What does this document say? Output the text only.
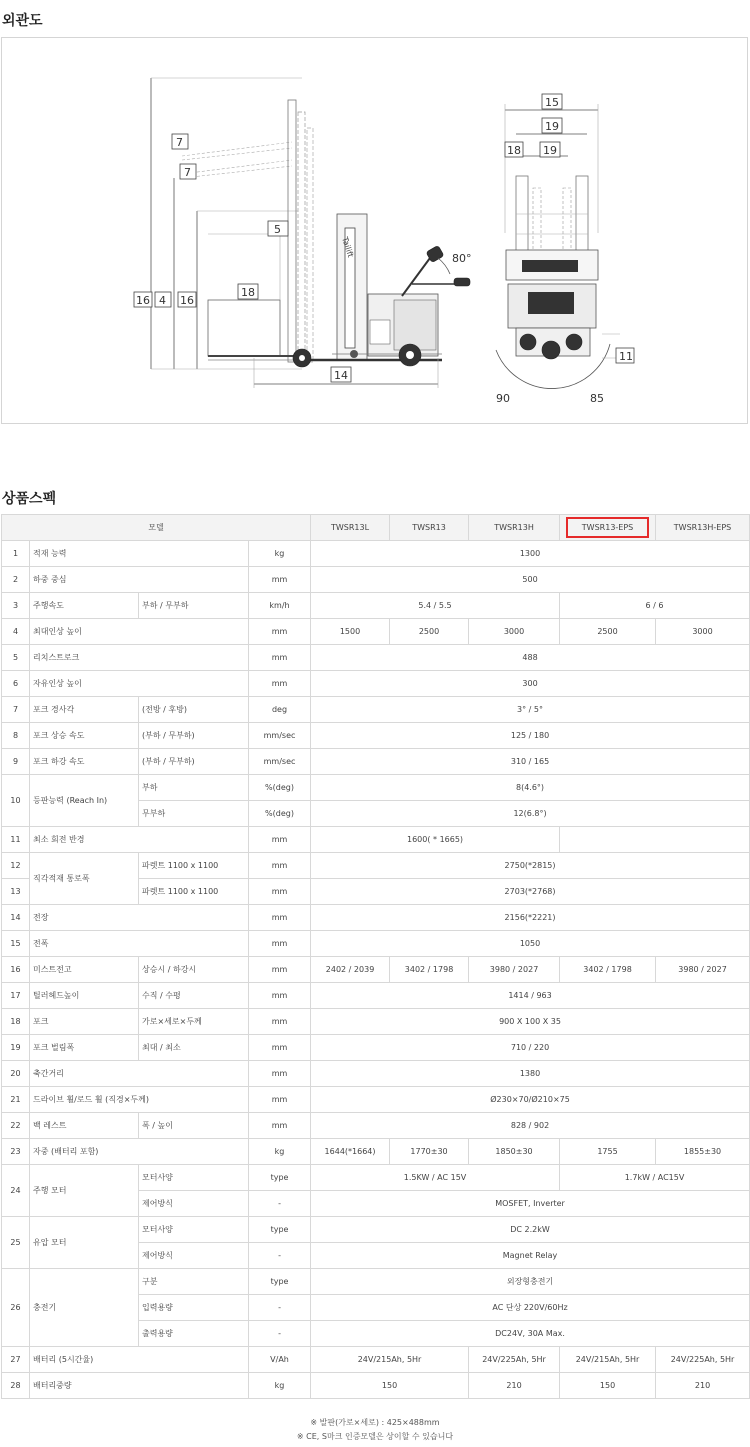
외관도
Tailift
7
7
5
16 4 16
18
14
80°
15
19
18 19
11
90	85
상품스펙
모델				TWSR13L	TWSR13	TWSR13H	TWSR13-EPS	TWSR13H-EPS
1	적재 능력		kg	1300				
2	하중 중심		mm	500				
3	주행속도	부하 / 무부하	km/h	5.4 / 5.5			6 / 6	
4	최대인상 높이		mm	1500	2500	3000	2500	3000
5	리치스트로크		mm	488				
6	자유인상 높이		mm	300				
7	포크 경사각	(전방 / 후방)	deg	3° / 5°				
8	포크 상승 속도	(부하 / 무부하)	mm/sec	125 / 180				
9	포크 하강 속도	(부하 / 무부하)	mm/sec	310 / 165				
10	등판능력 (Reach In)	부하	%(deg)	8(4.6°)				
		무부하	%(deg)	12(6.8°)				
11	최소 회전 반경		mm	1600( * 1665)				
12	직각적재 통로폭	파렛트 1100 x 1100	mm	2750(*2815)				
13		파렛트 1100 x 1100	mm	2703(*2768)				
14	전장		mm	2156(*2221)				
15	전폭		mm	1050				
16	미스트전고	상승시 / 하강시	mm	2402 / 2039	3402 / 1798	3980 / 2027	3402 / 1798	3980 / 2027
17	틸러헤드높이	수직 / 수평	mm	1414 / 963				
18	포크	가로×세로×두께	mm	900 X 100 X 35				
19	포크 벌림폭	최대 / 최소	mm	710 / 220				
20	축간거리		mm	1380				
21	드라이브 휠/로드 휠 (직경×두께)		mm	Ø230×70/Ø210×75				
22	백 레스트	폭 / 높이	mm	828 / 902				
23	자중 (배터리 포함)		kg	1644(*1664)	1770±30	1850±30	1755	1855±30
24	주행 모터	모터사양	type	1.5KW / AC 15V			1.7kW / AC15V	
		제어방식	-	MOSFET, Inverter				
25	유압 모터	모터사양	type	DC 2.2kW				
		제어방식	-	Magnet Relay				
26	충전기	구분	type	외장형충전기				
		입력용량	-	AC 단상 220V/60Hz				
		출력용량	-	DC24V, 30A Max.				
27	배터리 (5시간율)		V/Ah	24V/215Ah, 5Hr		24V/225Ah, 5Hr	24V/215Ah, 5Hr	24V/225Ah, 5Hr
28	배터리중량		kg	150		210	150	210
※ 발판(가로×세로) : 425×488mm
※ CE, S마크 인증모델은 상이할 수 있습니다
